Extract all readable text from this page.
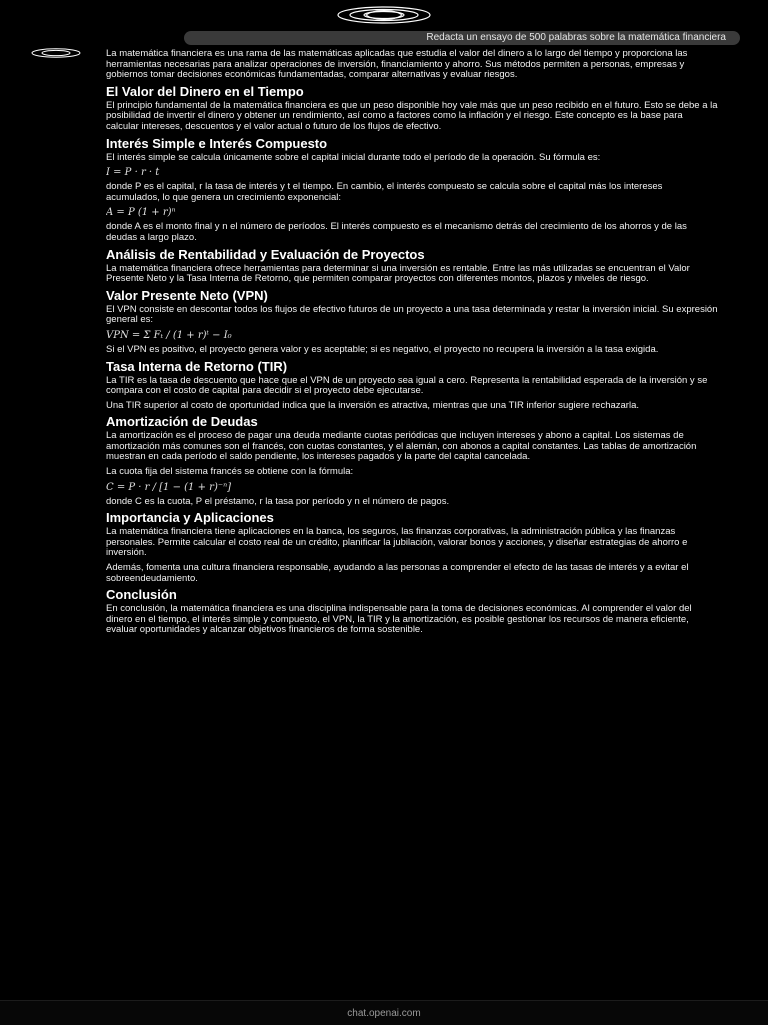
Redacta un ensayo de 500 palabras sobre la matemática financiera

La matemática financiera es una rama de las matemáticas aplicadas que estudia el valor del dinero a lo largo del tiempo y proporciona las herramientas necesarias para analizar operaciones de inversión, financiamiento y ahorro. Sus métodos permiten a personas, empresas y gobiernos tomar decisiones económicas fundamentadas, comparar alternativas y evaluar riesgos.

El Valor del Dinero en el Tiempo

El principio fundamental de la matemática financiera es que un peso disponible hoy vale más que un peso recibido en el futuro. Esto se debe a la posibilidad de invertir el dinero y obtener un rendimiento, así como a factores como la inflación y el riesgo. Este concepto es la base para calcular intereses, descuentos y el valor actual o futuro de los flujos de efectivo.

Interés Simple e Interés Compuesto

El interés simple se calcula únicamente sobre el capital inicial durante todo el período de la operación. Su fórmula es:

I = P · r · t

donde P es el capital, r la tasa de interés y t el tiempo. En cambio, el interés compuesto se calcula sobre el capital más los intereses acumulados, lo que genera un crecimiento exponencial:

A = P (1 + r)ⁿ

donde A es el monto final y n el número de períodos. El interés compuesto es el mecanismo detrás del crecimiento de los ahorros y de las deudas a largo plazo.

Análisis de Rentabilidad y Evaluación de Proyectos

La matemática financiera ofrece herramientas para determinar si una inversión es rentable. Entre las más utilizadas se encuentran el Valor Presente Neto y la Tasa Interna de Retorno, que permiten comparar proyectos con diferentes montos, plazos y niveles de riesgo.

Valor Presente Neto (VPN)

El VPN consiste en descontar todos los flujos de efectivo futuros de un proyecto a una tasa determinada y restar la inversión inicial. Su expresión general es:

VPN = Σ Fₜ / (1 + r)ᵗ − I₀

Si el VPN es positivo, el proyecto genera valor y es aceptable; si es negativo, el proyecto no recupera la inversión a la tasa exigida.

Tasa Interna de Retorno (TIR)

La TIR es la tasa de descuento que hace que el VPN de un proyecto sea igual a cero. Representa la rentabilidad esperada de la inversión y se compara con el costo de capital para decidir si el proyecto debe ejecutarse.

Una TIR superior al costo de oportunidad indica que la inversión es atractiva, mientras que una TIR inferior sugiere rechazarla.

Amortización de Deudas

La amortización es el proceso de pagar una deuda mediante cuotas periódicas que incluyen intereses y abono a capital. Los sistemas de amortización más comunes son el francés, con cuotas constantes, y el alemán, con abonos a capital constantes. Las tablas de amortización muestran en cada período el saldo pendiente, los intereses pagados y la parte del capital cancelada.

La cuota fija del sistema francés se obtiene con la fórmula:

C = P · r / [1 − (1 + r)⁻ⁿ]

donde C es la cuota, P el préstamo, r la tasa por período y n el número de pagos.

Importancia y Aplicaciones

La matemática financiera tiene aplicaciones en la banca, los seguros, las finanzas corporativas, la administración pública y las finanzas personales. Permite calcular el costo real de un crédito, planificar la jubilación, valorar bonos y acciones, y diseñar estrategias de ahorro e inversión.

Además, fomenta una cultura financiera responsable, ayudando a las personas a comprender el efecto de las tasas de interés y a evitar el sobreendeudamiento.

Conclusión

En conclusión, la matemática financiera es una disciplina indispensable para la toma de decisiones económicas. Al comprender el valor del dinero en el tiempo, el interés simple y compuesto, el VPN, la TIR y la amortización, es posible gestionar los recursos de manera eficiente, evaluar oportunidades y alcanzar objetivos financieros de forma sostenible.

chat.openai.com
